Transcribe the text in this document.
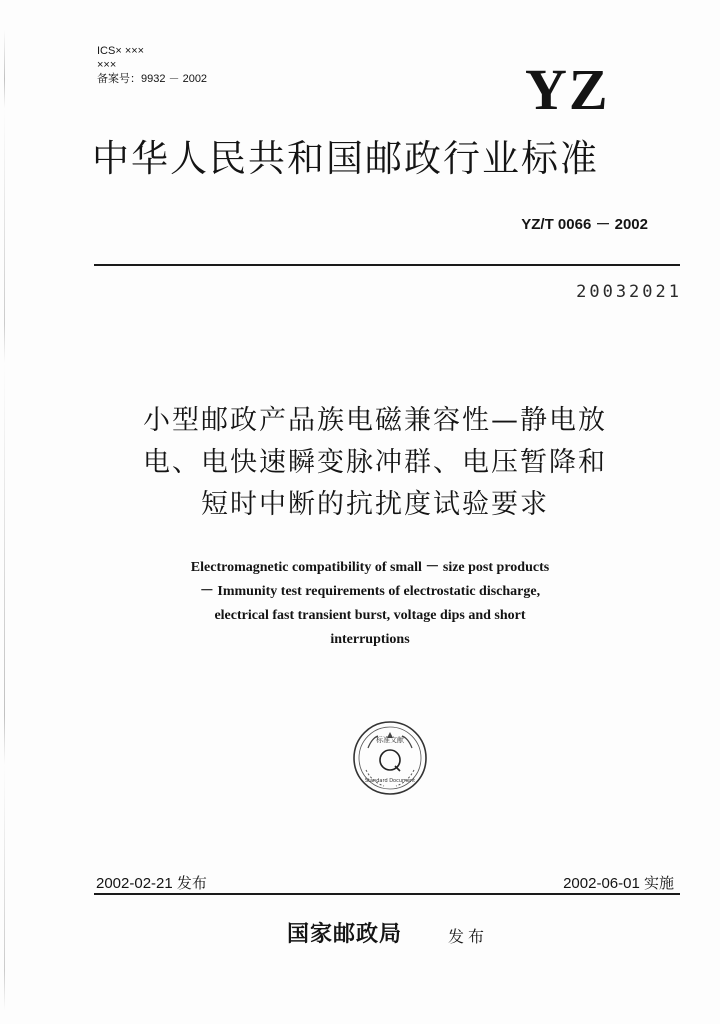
ICS× ×××
×××
备案号：9932 － 2002	YZ
中华人民共和国邮政行业标准
YZ/T 0066 － 2002
20032021
小型邮政产品族电磁兼容性—静电放
电、电快速瞬变脉冲群、电压暂降和
短时中断的抗扰度试验要求
Electromagnetic compatibility of small － size post products
－ Immunity test requirements of electrostatic discharge,
electrical fast transient burst, voltage dips and short
interruptions
标准文献
Standard Document
2002-02-21 发布	2002-06-01 实施
国家邮政局	发布
